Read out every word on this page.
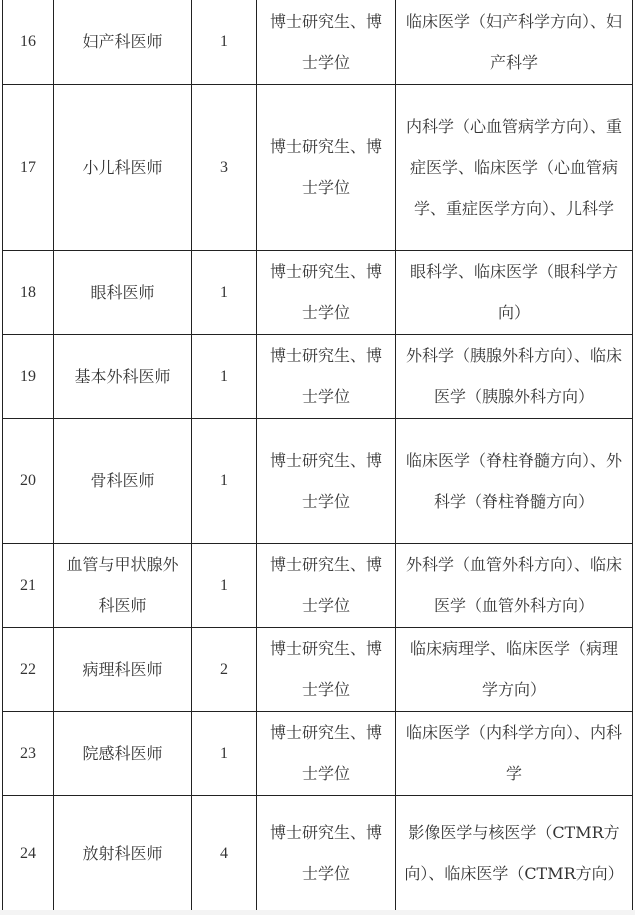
16	妇产科医师	1	博士研究生、博士学位	临床医学（妇产科学方向）、妇产科学
17	小儿科医师	3	博士研究生、博士学位	内科学（心血管病学方向）、重症医学、临床医学（心血管病学、重症医学方向）、儿科学
18	眼科医师	1	博士研究生、博士学位	眼科学、临床医学（眼科学方向）
19	基本外科医师	1	博士研究生、博士学位	外科学（胰腺外科方向）、临床医学（胰腺外科方向）
20	骨科医师	1	博士研究生、博士学位	临床医学（脊柱脊髓方向）、外科学（脊柱脊髓方向）
21	血管与甲状腺外科医师	1	博士研究生、博士学位	外科学（血管外科方向）、临床医学（血管外科方向）
22	病理科医师	2	博士研究生、博士学位	临床病理学、临床医学（病理学方向）
23	院感科医师	1	博士研究生、博士学位	临床医学（内科学方向）、内科学
24	放射科医师	4	博士研究生、博士学位	影像医学与核医学（CTMR方向）、临床医学（CTMR方向）
